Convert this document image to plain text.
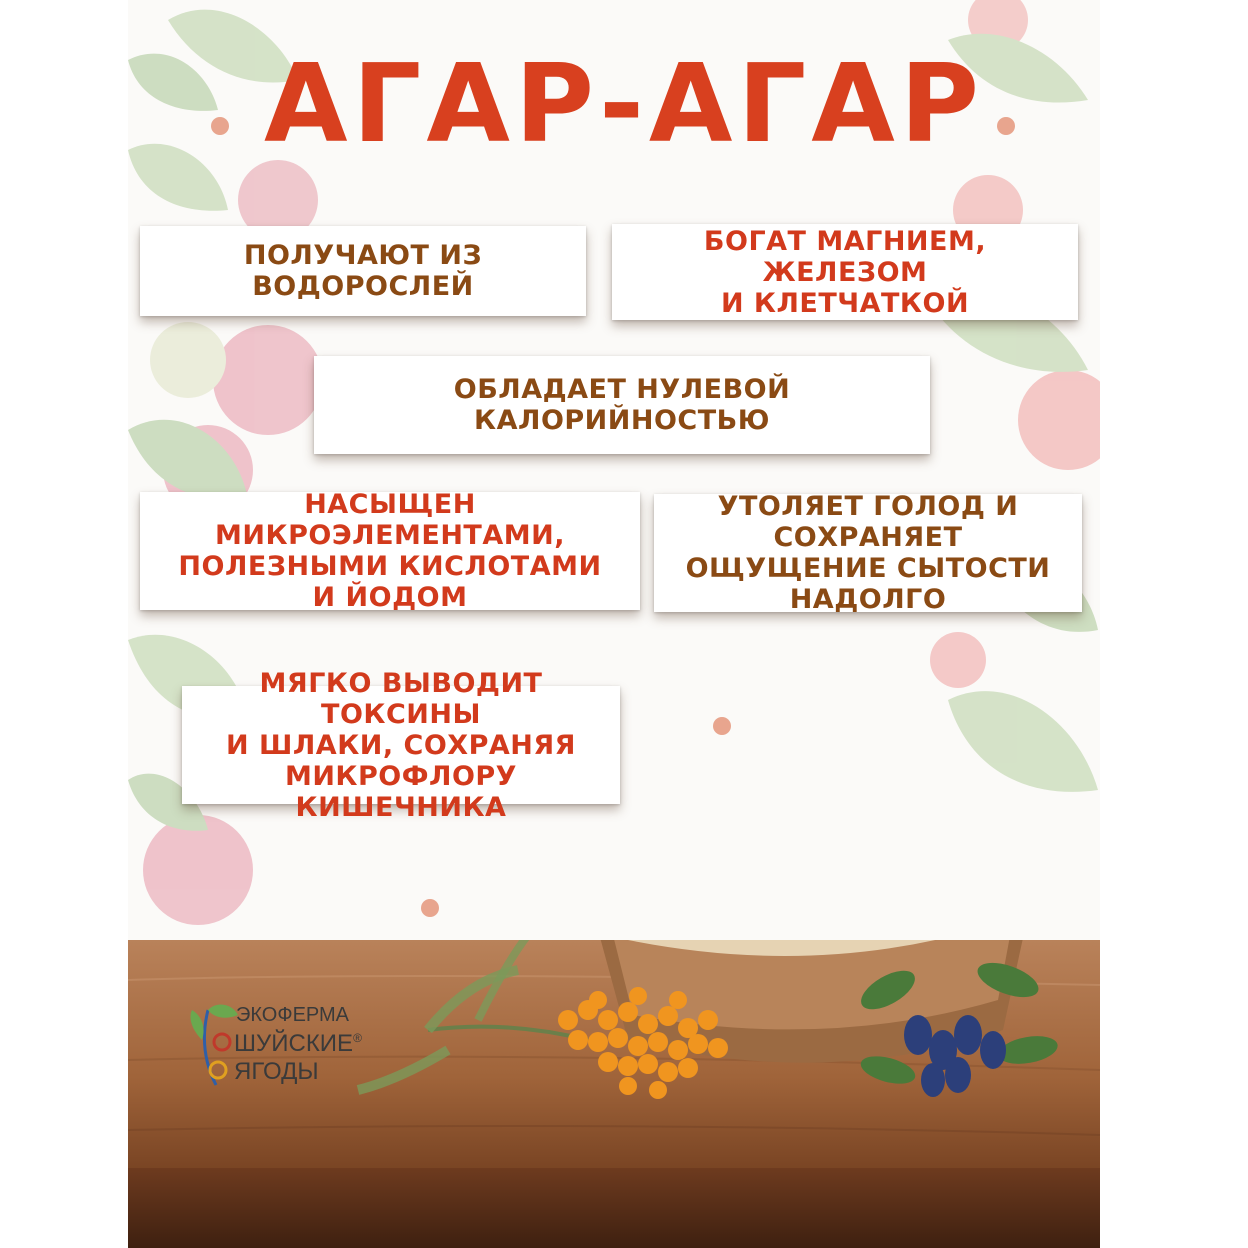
АГАР-АГАР
ПОЛУЧАЮТ ИЗ ВОДОРОСЛЕЙ
БОГАТ МАГНИЕМ, ЖЕЛЕЗОМ
И КЛЕТЧАТКОЙ
ОБЛАДАЕТ НУЛЕВОЙ КАЛОРИЙНОСТЬЮ
НАСЫЩЕН МИКРОЭЛЕМЕНТАМИ,
ПОЛЕЗНЫМИ КИСЛОТАМИ
И ЙОДОМ
УТОЛЯЕТ ГОЛОД И СОХРАНЯЕТ
ОЩУЩЕНИЕ СЫТОСТИ
НАДОЛГО
МЯГКО ВЫВОДИТ ТОКСИНЫ
И ШЛАКИ, СОХРАНЯЯ
МИКРОФЛОРУ КИШЕЧНИКА
ЭКОФЕРМА
ШУЙСКИЕ®
ЯГОДЫ
